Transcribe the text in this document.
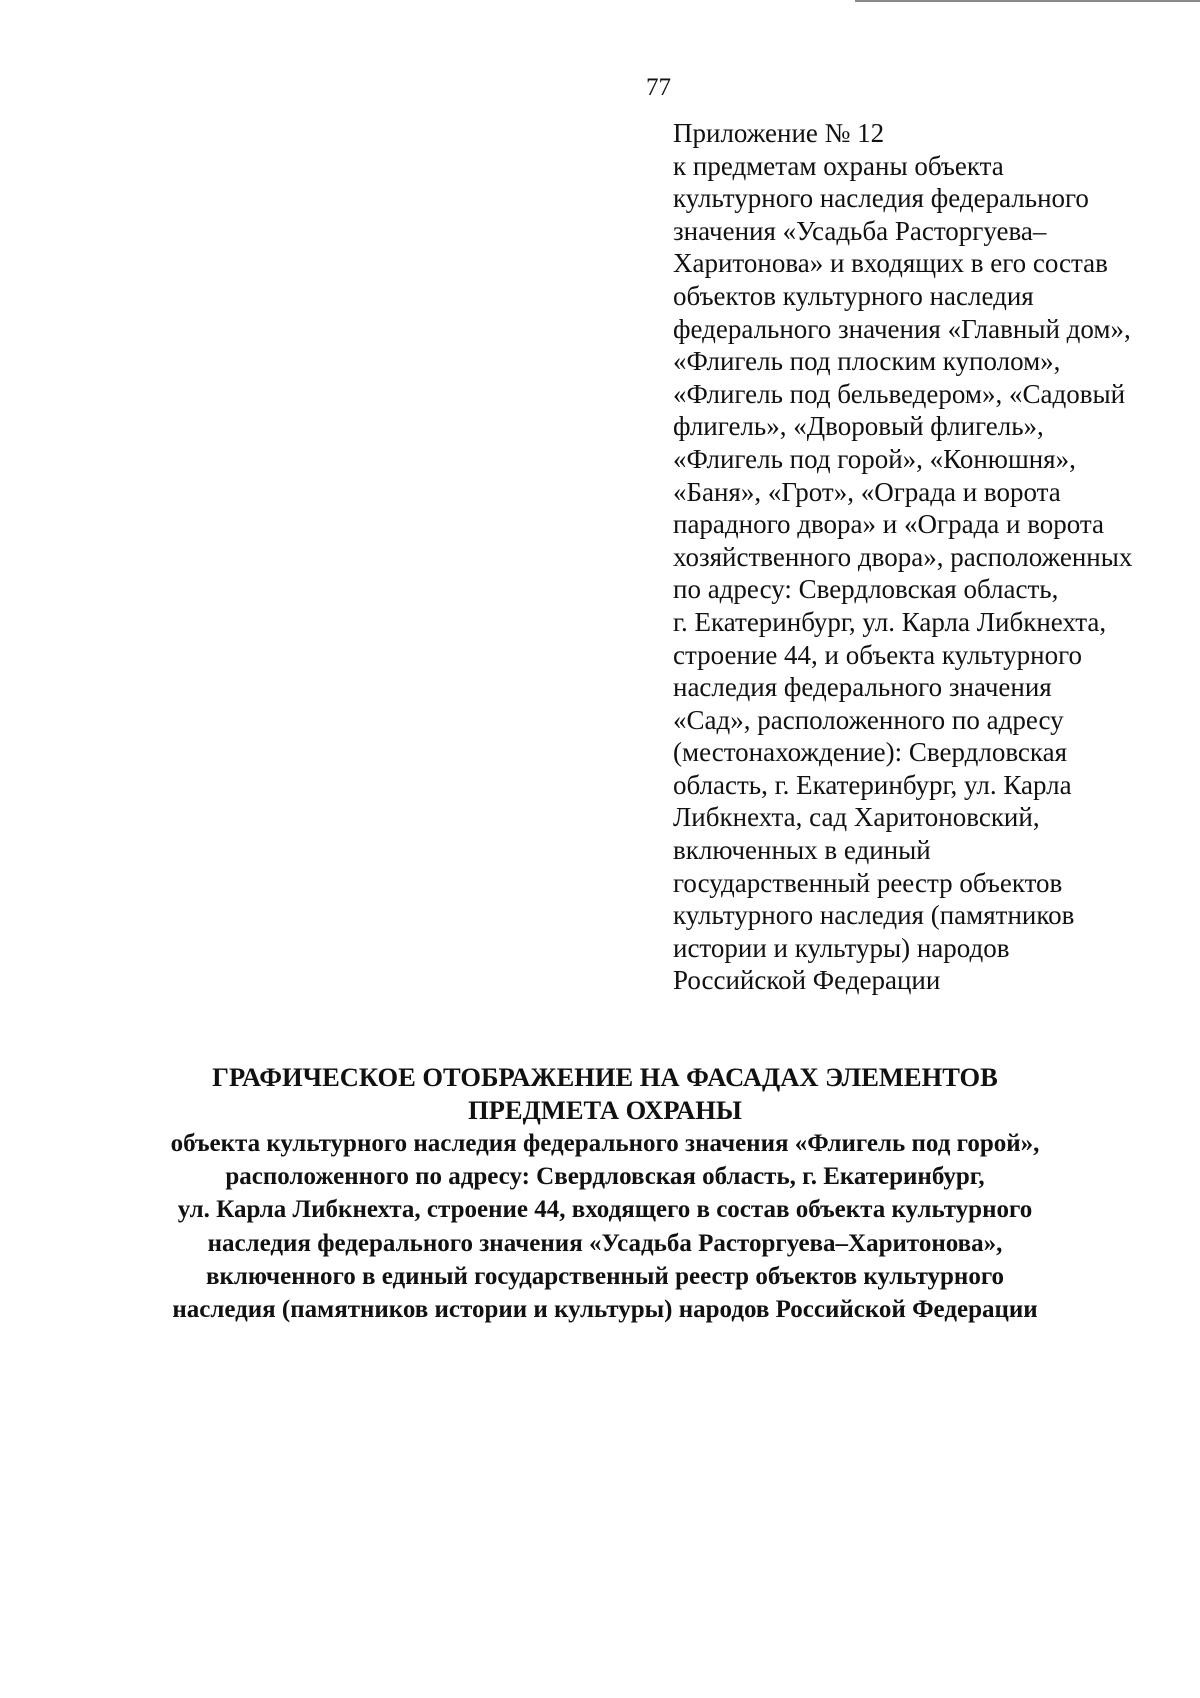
77
Приложение № 12
к предметам охраны объекта
культурного наследия федерального
значения «Усадьба Расторгуева–
Харитонова» и входящих в его состав
объектов культурного наследия
федерального значения «Главный дом»,
«Флигель под плоским куполом»,
«Флигель под бельведером», «Садовый
флигель», «Дворовый флигель»,
«Флигель под горой», «Конюшня»,
«Баня», «Грот», «Ограда и ворота
парадного двора» и «Ограда и ворота
хозяйственного двора», расположенных
по адресу: Свердловская область,
г. Екатеринбург, ул. Карла Либкнехта,
строение 44, и объекта культурного
наследия федерального значения
«Сад», расположенного по адресу
(местонахождение): Свердловская
область, г. Екатеринбург, ул. Карла
Либкнехта, сад Харитоновский,
включенных в единый
государственный реестр объектов
культурного наследия (памятников
истории и культуры) народов
Российской Федерации
ГРАФИЧЕСКОЕ ОТОБРАЖЕНИЕ НА ФАСАДАХ ЭЛЕМЕНТОВ
ПРЕДМЕТА ОХРАНЫ
объекта культурного наследия федерального значения «Флигель под горой»,
расположенного по адресу: Свердловская область, г. Екатеринбург,
ул. Карла Либкнехта, строение 44, входящего в состав объекта культурного
наследия федерального значения «Усадьба Расторгуева–Харитонова»,
включенного в единый государственный реестр объектов культурного
наследия (памятников истории и культуры) народов Российской Федерации
